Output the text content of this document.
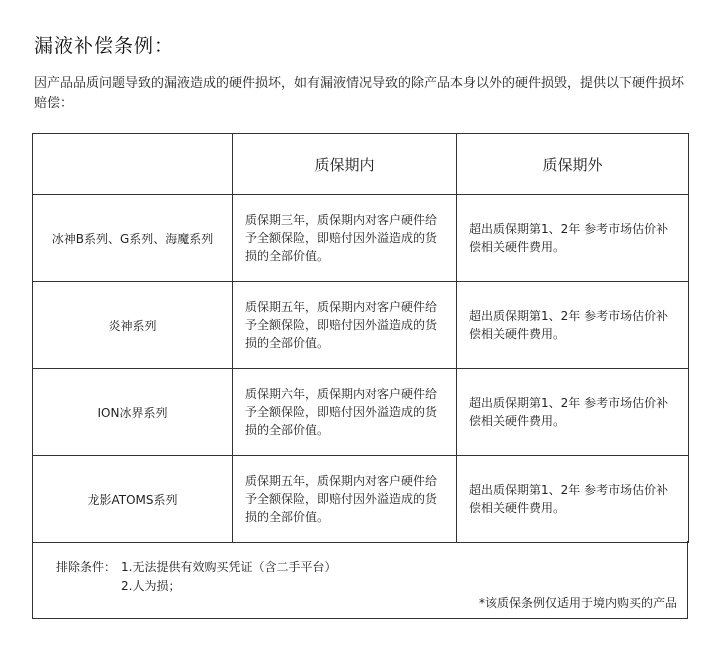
漏液补偿条例：
因产品品质问题导致的漏液造成的硬件损坏，如有漏液情况导致的除产品本身以外的硬件损毁，提供以下硬件损坏赔偿：
	质保期内	质保期外
冰神B系列、G系列、海魔系列	质保期三年，质保期内对客户硬件给予全额保险，即赔付因外溢造成的货损的全部价值。	超出质保期第1、2年 参考市场估价补偿相关硬件费用。
炎神系列	质保期五年，质保期内对客户硬件给予全额保险，即赔付因外溢造成的货损的全部价值。	超出质保期第1、2年 参考市场估价补偿相关硬件费用。
ION冰界系列	质保期六年，质保期内对客户硬件给予全额保险，即赔付因外溢造成的货损的全部价值。	超出质保期第1、2年 参考市场估价补偿相关硬件费用。
龙影ATOMS系列	质保期五年，质保期内对客户硬件给予全额保险，即赔付因外溢造成的货损的全部价值。	超出质保期第1、2年 参考市场估价补偿相关硬件费用。
排除条件： 1.无法提供有效购买凭证（含二手平台）
2.人为损；
*该质保条例仅适用于境内购买的产品
